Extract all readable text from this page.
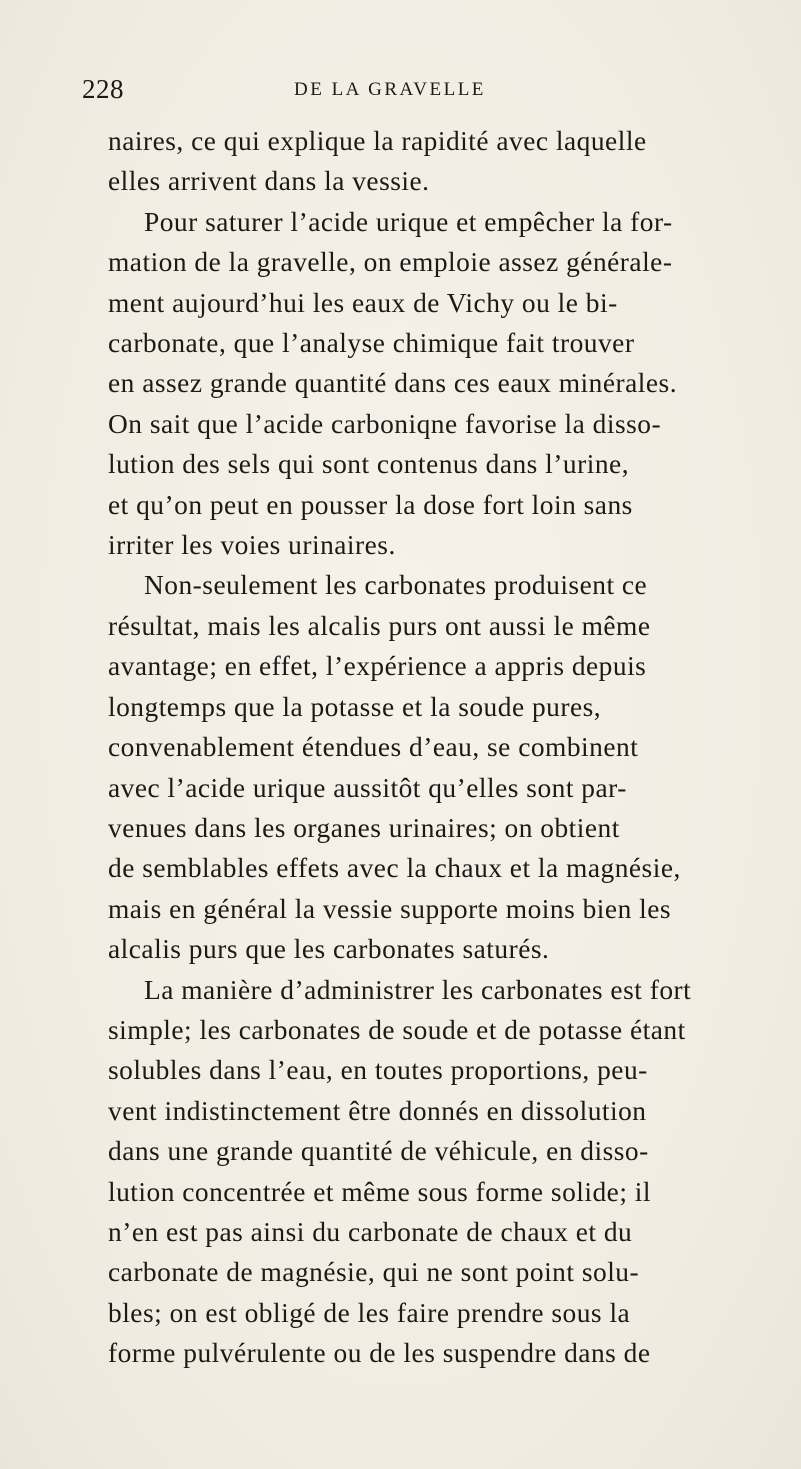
228	DE LA GRAVELLE

naires, ce qui explique la rapidité avec laquelle
elles arrivent dans la vessie.

Pour saturer l’acide urique et empêcher la for-
mation de la gravelle, on emploie assez générale-
ment aujourd’hui les eaux de Vichy ou le bi-
carbonate, que l’analyse chimique fait trouver
en assez grande quantité dans ces eaux minérales.
On sait que l’acide carboniqne favorise la disso-
lution des sels qui sont contenus dans l’urine,
et qu’on peut en pousser la dose fort loin sans
irriter les voies urinaires.

Non-seulement les carbonates produisent ce
résultat, mais les alcalis purs ont aussi le même
avantage; en effet, l’expérience a appris depuis
longtemps que la potasse et la soude pures,
convenablement étendues d’eau, se combinent
avec l’acide urique aussitôt qu’elles sont par-
venues dans les organes urinaires; on obtient
de semblables effets avec la chaux et la magnésie,
mais en général la vessie supporte moins bien les
alcalis purs que les carbonates saturés.

La manière d’administrer les carbonates est fort
simple; les carbonates de soude et de potasse étant
solubles dans l’eau, en toutes proportions, peu-
vent indistinctement être donnés en dissolution
dans une grande quantité de véhicule, en disso-
lution concentrée et même sous forme solide; il
n’en est pas ainsi du carbonate de chaux et du
carbonate de magnésie, qui ne sont point solu-
bles; on est obligé de les faire prendre sous la
forme pulvérulente ou de les suspendre dans de
